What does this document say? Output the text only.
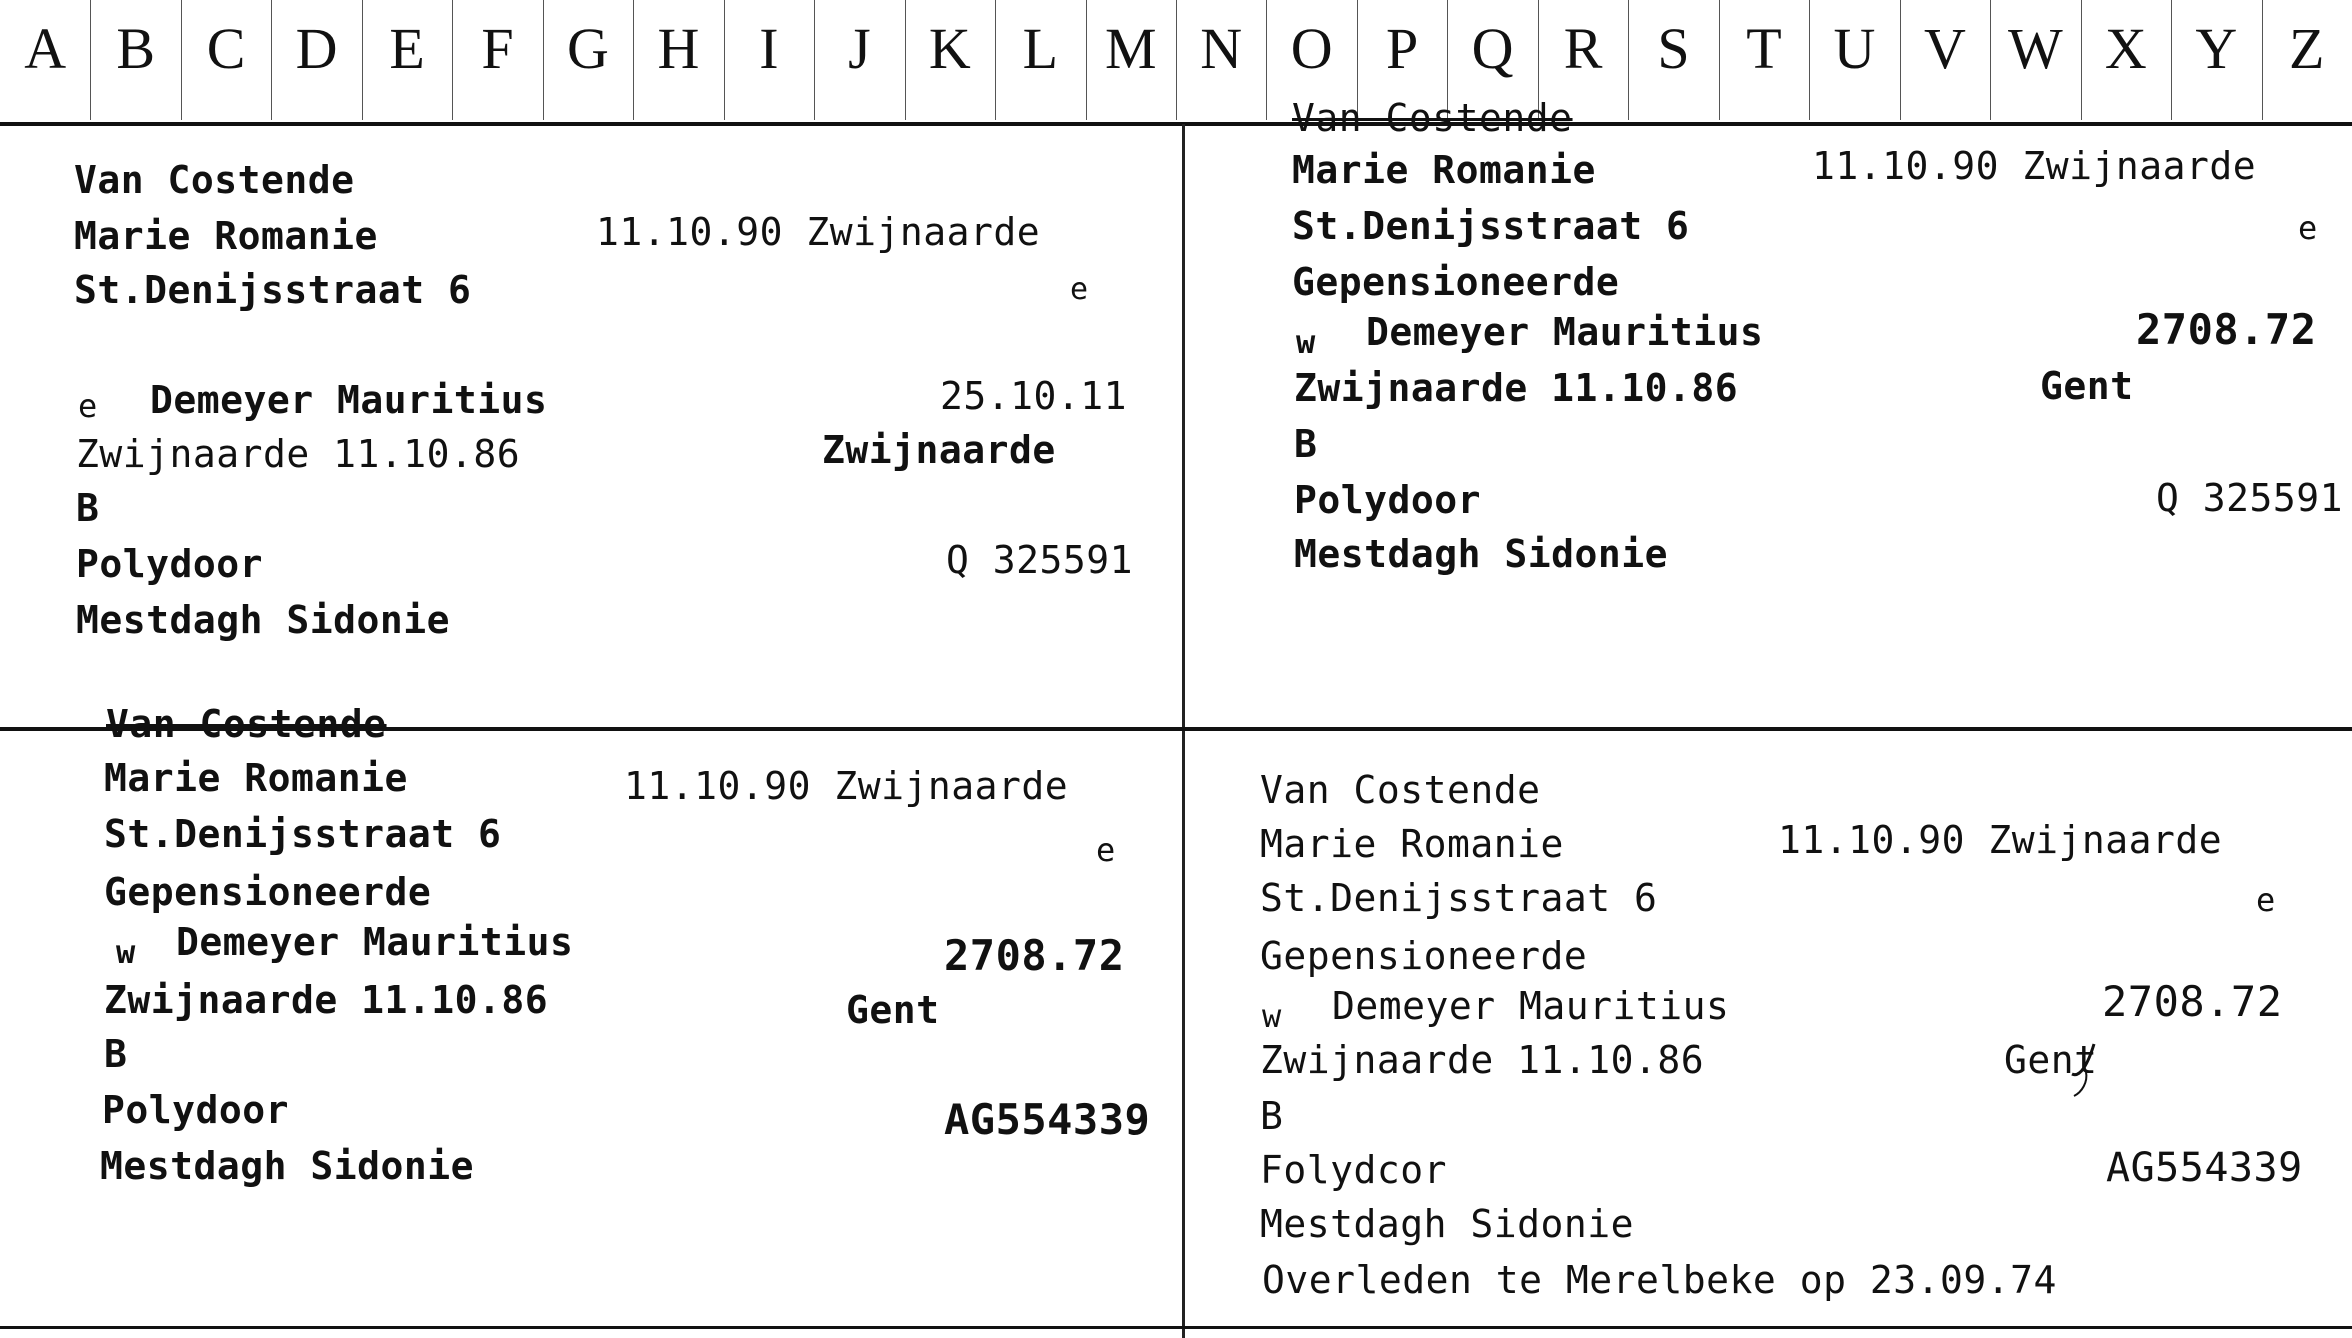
A B C D E F G H	I	J	K L M N O P Q R S T U V W X Y Z
Van Costende
Marie Romanie	11.10.90 Zwijnaarde
St.Denijsstraat 6	e
e Demeyer Mauritius	25.10.11
Zwijnaarde 11.10.86	Zwijnaarde
B
Polydoor	Q 325591
Mestdagh Sidonie
Van Costende
Marie Romanie	11.10.90 Zwijnaarde
St.Denijsstraat 6	e
Gepensioneerde
w Demeyer Mauritius	2708.72
Zwijnaarde 11.10.86	Gent
B
Polydoor	Q 325591
Mestdagh Sidonie
Van Costende
Marie Romanie	11.10.90 Zwijnaarde
St.Denijsstraat 6	e
Gepensioneerde
w Demeyer Mauritius	2708.72
Zwijnaarde 11.10.86	Gent
B
Polydoor	AG554339
Mestdagh Sidonie
Van Costende
Marie Romanie	11.10.90 Zwijnaarde
St.Denijsstraat 6	e
Gepensioneerde
w Demeyer Mauritius	2708.72
Zwijnaarde 11.10.86	Gent
B
Folydcor	AG554339
Mestdagh Sidonie
Overleden te Merelbeke op 23.09.74
